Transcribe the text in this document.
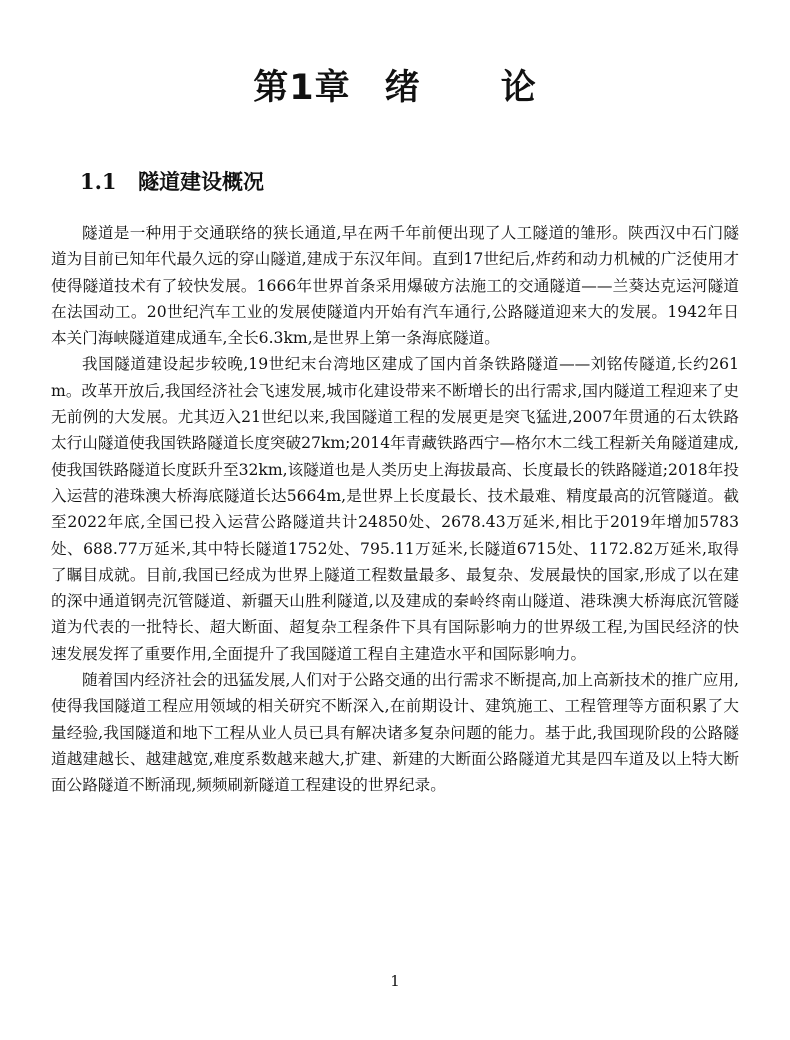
第1章 绪 论
1.1 隧道建设概况

隧道是一种用于交通联络的狭长通道,早在两千年前便出现了人工隧道的雏形。陕西汉中石门隧道为目前已知年代最久远的穿山隧道,建成于东汉年间。直到17世纪后,炸药和动力机械的广泛使用才使得隧道技术有了较快发展。1666年世界首条采用爆破方法施工的交通隧道——兰葵达克运河隧道在法国动工。20世纪汽车工业的发展使隧道内开始有汽车通行,公路隧道迎来大的发展。1942年日本关门海峡隧道建成通车,全长6.3km,是世界上第一条海底隧道。

我国隧道建设起步较晚,19世纪末台湾地区建成了国内首条铁路隧道——刘铭传隧道,长约261m。改革开放后,我国经济社会飞速发展,城市化建设带来不断增长的出行需求,国内隧道工程迎来了史无前例的大发展。尤其迈入21世纪以来,我国隧道工程的发展更是突飞猛进,2007年贯通的石太铁路太行山隧道使我国铁路隧道长度突破27km;2014年青藏铁路西宁—格尔木二线工程新关角隧道建成,使我国铁路隧道长度跃升至32km,该隧道也是人类历史上海拔最高、长度最长的铁路隧道;2018年投入运营的港珠澳大桥海底隧道长达5664m,是世界上长度最长、技术最难、精度最高的沉管隧道。截至2022年底,全国已投入运营公路隧道共计24850处、2678.43万延米,相比于2019年增加5783处、688.77万延米,其中特长隧道1752处、795.11万延米,长隧道6715处、1172.82万延米,取得了瞩目成就。目前,我国已经成为世界上隧道工程数量最多、最复杂、发展最快的国家,形成了以在建的深中通道钢壳沉管隧道、新疆天山胜利隧道,以及建成的秦岭终南山隧道、港珠澳大桥海底沉管隧道为代表的一批特长、超大断面、超复杂工程条件下具有国际影响力的世界级工程,为国民经济的快速发展发挥了重要作用,全面提升了我国隧道工程自主建造水平和国际影响力。

随着国内经济社会的迅猛发展,人们对于公路交通的出行需求不断提高,加上高新技术的推广应用,使得我国隧道工程应用领域的相关研究不断深入,在前期设计、建筑施工、工程管理等方面积累了大量经验,我国隧道和地下工程从业人员已具有解决诸多复杂问题的能力。基于此,我国现阶段的公路隧道越建越长、越建越宽,难度系数越来越大,扩建、新建的大断面公路隧道尤其是四车道及以上特大断面公路隧道不断涌现,频频刷新隧道工程建设的世界纪录。

1
